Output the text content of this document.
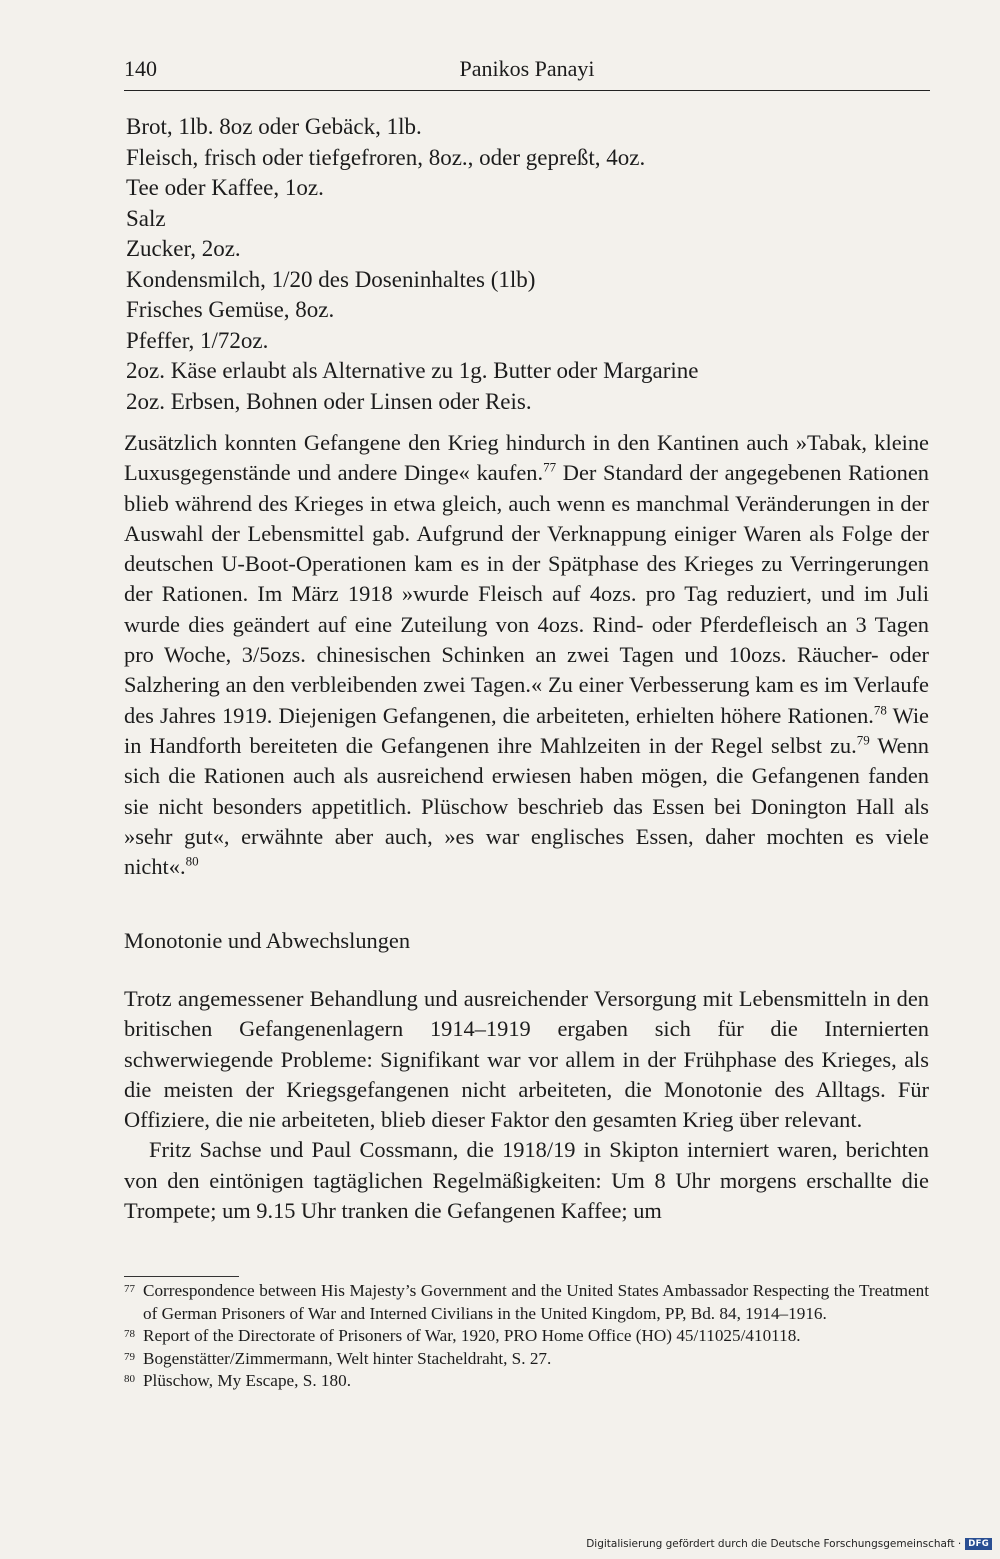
140	Panikos Panayi
Brot, 1lb. 8oz oder Gebäck, 1lb.
Fleisch, frisch oder tiefgefroren, 8oz., oder gepreßt, 4oz.
Tee oder Kaffee, 1oz.
Salz
Zucker, 2oz.
Kondensmilch, 1/20 des Doseninhaltes (1lb)
Frisches Gemüse, 8oz.
Pfeffer, 1/72oz.
2oz. Käse erlaubt als Alternative zu 1g. Butter oder Margarine
2oz. Erbsen, Bohnen oder Linsen oder Reis.

Zusätzlich konnten Gefangene den Krieg hindurch in den Kantinen auch »Tabak, kleine Luxusgegenstände und andere Dinge« kaufen.$^{77}$ Der Standard der angegebenen Rationen blieb während des Krieges in etwa gleich, auch wenn es manchmal Veränderungen in der Auswahl der Lebensmittel gab. Aufgrund der Verknappung einiger Waren als Folge der deutschen U-Boot-Operationen kam es in der Spätphase des Krieges zu Verringerungen der Rationen. Im März 1918 »wurde Fleisch auf 4ozs. pro Tag reduziert, und im Juli wurde dies geändert auf eine Zuteilung von 4ozs. Rind- oder Pferdefleisch an 3 Tagen pro Woche, 3/5ozs. chinesischen Schinken an zwei Tagen und 10ozs. Räucher- oder Salzhering an den verbleibenden zwei Tagen.« Zu einer Verbesserung kam es im Verlaufe des Jahres 1919. Diejenigen Gefangenen, die arbeiteten, erhielten höhere Rationen.$^{78}$ Wie in Handforth bereiteten die Gefangenen ihre Mahlzeiten in der Regel selbst zu.$^{79}$ Wenn sich die Rationen auch als ausreichend erwiesen haben mögen, die Gefangenen fanden sie nicht besonders appetitlich. Plüschow beschrieb das Essen bei Donington Hall als »sehr gut«, erwähnte aber auch, »es war englisches Essen, daher mochten es viele nicht«.$^{80}$

Monotonie und Abwechslungen

Trotz angemessener Behandlung und ausreichender Versorgung mit Lebensmitteln in den britischen Gefangenenlagern 1914–1919 ergaben sich für die Internierten schwerwiegende Probleme: Signifikant war vor allem in der Frühphase des Krieges, als die meisten der Kriegsgefangenen nicht arbeiteten, die Monotonie des Alltags. Für Offiziere, die nie arbeiteten, blieb dieser Faktor den gesamten Krieg über relevant.

Fritz Sachse und Paul Cossmann, die 1918/19 in Skipton interniert waren, berichten von den eintönigen tagtäglichen Regelmäßigkeiten: Um 8 Uhr morgens erschallte die Trompete; um 9.15 Uhr tranken die Gefangenen Kaffee; um

77 Correspondence between His Majesty’s Government and the United States Ambassador Respecting the Treatment of German Prisoners of War and Interned Civilians in the United Kingdom, PP, Bd. 84, 1914–1916.
78 Report of the Directorate of Prisoners of War, 1920, PRO Home Office (HO) 45/11025/410118.
79 Bogenstätter/Zimmermann, Welt hinter Stacheldraht, S. 27.
80 Plüschow, My Escape, S. 180.
Digitalisierung gefördert durch die Deutsche Forschungsgemeinschaft · DFG
